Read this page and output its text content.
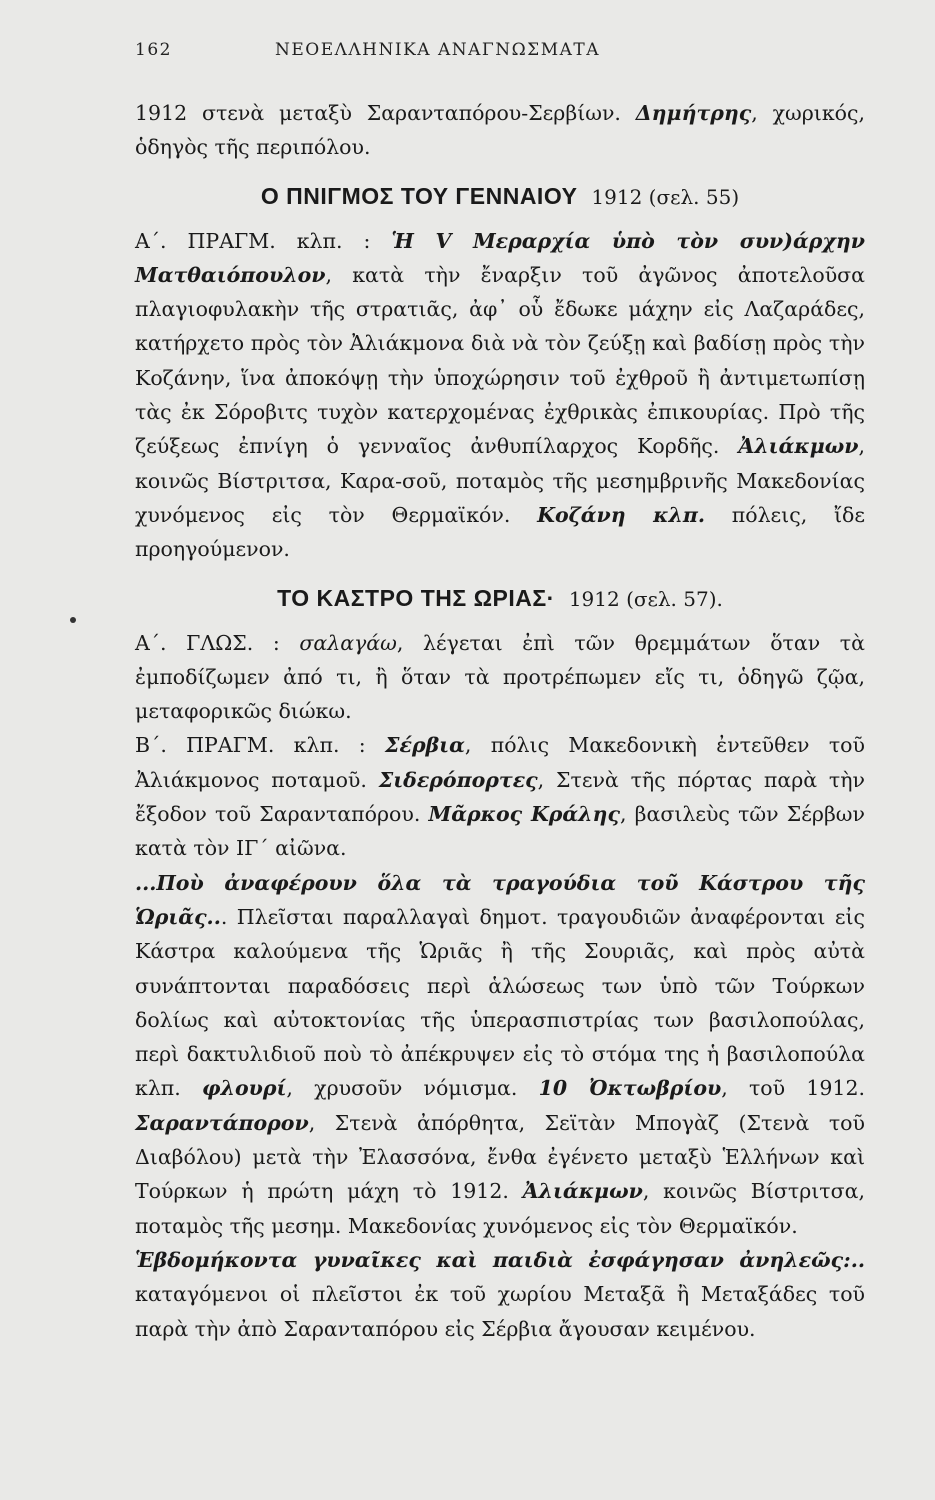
162	ΝΕΟΕΛΛΗΝΙΚΑ ΑΝΑΓΝΩΣΜΑΤΑ

1912 στενὰ μεταξὺ Σαρανταπόρου-Σερβίων. Δημήτρης, χωρικός, ὁδηγὸς τῆς περιπόλου.

Ο ΠΝΙΓΜΟΣ ΤΟΥ ΓΕΝΝΑΙΟΥ 1912 (σελ. 55)

Α΄. ΠΡΑΓΜ. κλπ. : Ἡ V Μεραρχία ὑπὸ τὸν συν)άρχην Ματθαιόπουλον, κατὰ τὴν ἔναρξιν τοῦ ἀγῶνος ἀποτελοῦσα πλαγιοφυλακὴν τῆς στρατιᾶς, ἀφ᾽ οὗ ἔδωκε μάχην εἰς Λαζαράδες, κατήρχετο πρὸς τὸν Ἀλιάκμονα διὰ νὰ τὸν ζεύξῃ καὶ βαδίσῃ πρὸς τὴν Κοζάνην, ἵνα ἀποκόψῃ τὴν ὑποχώρησιν τοῦ ἐχθροῦ ἢ ἀντιμετωπίσῃ τὰς ἐκ Σόροβιτς τυχὸν κατερχομένας ἐχθρικὰς ἐπικουρίας. Πρὸ τῆς ζεύξεως ἐπνίγη ὁ γενναῖος ἀνθυπίλαρχος Κορδῆς. Ἀλιάκμων, κοινῶς Βίστριτσα, Καρα-σοῦ, ποταμὸς τῆς μεσημβρινῆς Μακεδονίας χυνόμενος εἰς τὸν Θερμαϊκόν. Κοζάνη κλπ. πόλεις, ἴδε προηγούμενον.

ΤΟ ΚΑΣΤΡΟ ΤΗΣ ΩΡΙΑΣ· 1912 (σελ. 57).

Α΄. ΓΛΩΣ. : σαλαγάω, λέγεται ἐπὶ τῶν θρεμμάτων ὅταν τὰ ἐμποδίζωμεν ἀπό τι, ἢ ὅταν τὰ προτρέπωμεν εἴς τι, ὁδηγῶ ζῷα, μεταφορικῶς διώκω.

Β΄. ΠΡΑΓΜ. κλπ. : Σέρβια, πόλις Μακεδονικὴ ἐντεῦθεν τοῦ Ἀλιάκμονος ποταμοῦ. Σιδερόπορτες, Στενὰ τῆς πόρτας παρὰ τὴν ἔξοδον τοῦ Σαρανταπόρου. Μᾶρκος Κράλης, βασιλεὺς τῶν Σέρβων κατὰ τὸν ΙΓ΄ αἰῶνα.

...Ποὺ ἀναφέρουν ὅλα τὰ τραγούδια τοῦ Κάστρου τῆς Ὡριᾶς... Πλεῖσται παραλλαγαὶ δημοτ. τραγουδιῶν ἀναφέρονται εἰς Κάστρα καλούμενα τῆς Ὡριᾶς ἢ τῆς Σουριᾶς, καὶ πρὸς αὐτὰ συνάπτονται παραδόσεις περὶ ἁλώσεως των ὑπὸ τῶν Τούρκων δολίως καὶ αὐτοκτονίας τῆς ὑπερασπιστρίας των βασιλοπούλας, περὶ δακτυλιδιοῦ ποὺ τὸ ἀπέκρυψεν εἰς τὸ στόμα της ἡ βασιλοπούλα κλπ. φλουρί, χρυσοῦν νόμισμα. 10 Ὀκτωβρίου, τοῦ 1912. Σαραντάπορον, Στενὰ ἀπόρθητα, Σεϊτὰν Μπογὰζ (Στενὰ τοῦ Διαβόλου) μετὰ τὴν Ἐλασσόνα, ἔνθα ἐγένετο μεταξὺ Ἑλλήνων καὶ Τούρκων ἡ πρώτη μάχη τὸ 1912. Ἀλιάκμων, κοινῶς Βίστριτσα, ποταμὸς τῆς μεσημ. Μακεδονίας χυνόμενος εἰς τὸν Θερμαϊκόν.

Ἑβδομήκοντα γυναῖκες καὶ παιδιὰ ἐσφάγησαν ἀνηλεῶς:.. καταγόμενοι οἱ πλεῖστοι ἐκ τοῦ χωρίου Μεταξᾶ ἢ Μεταξάδες τοῦ παρὰ τὴν ἀπὸ Σαρανταπόρου εἰς Σέρβια ἄγουσαν κειμένου.
